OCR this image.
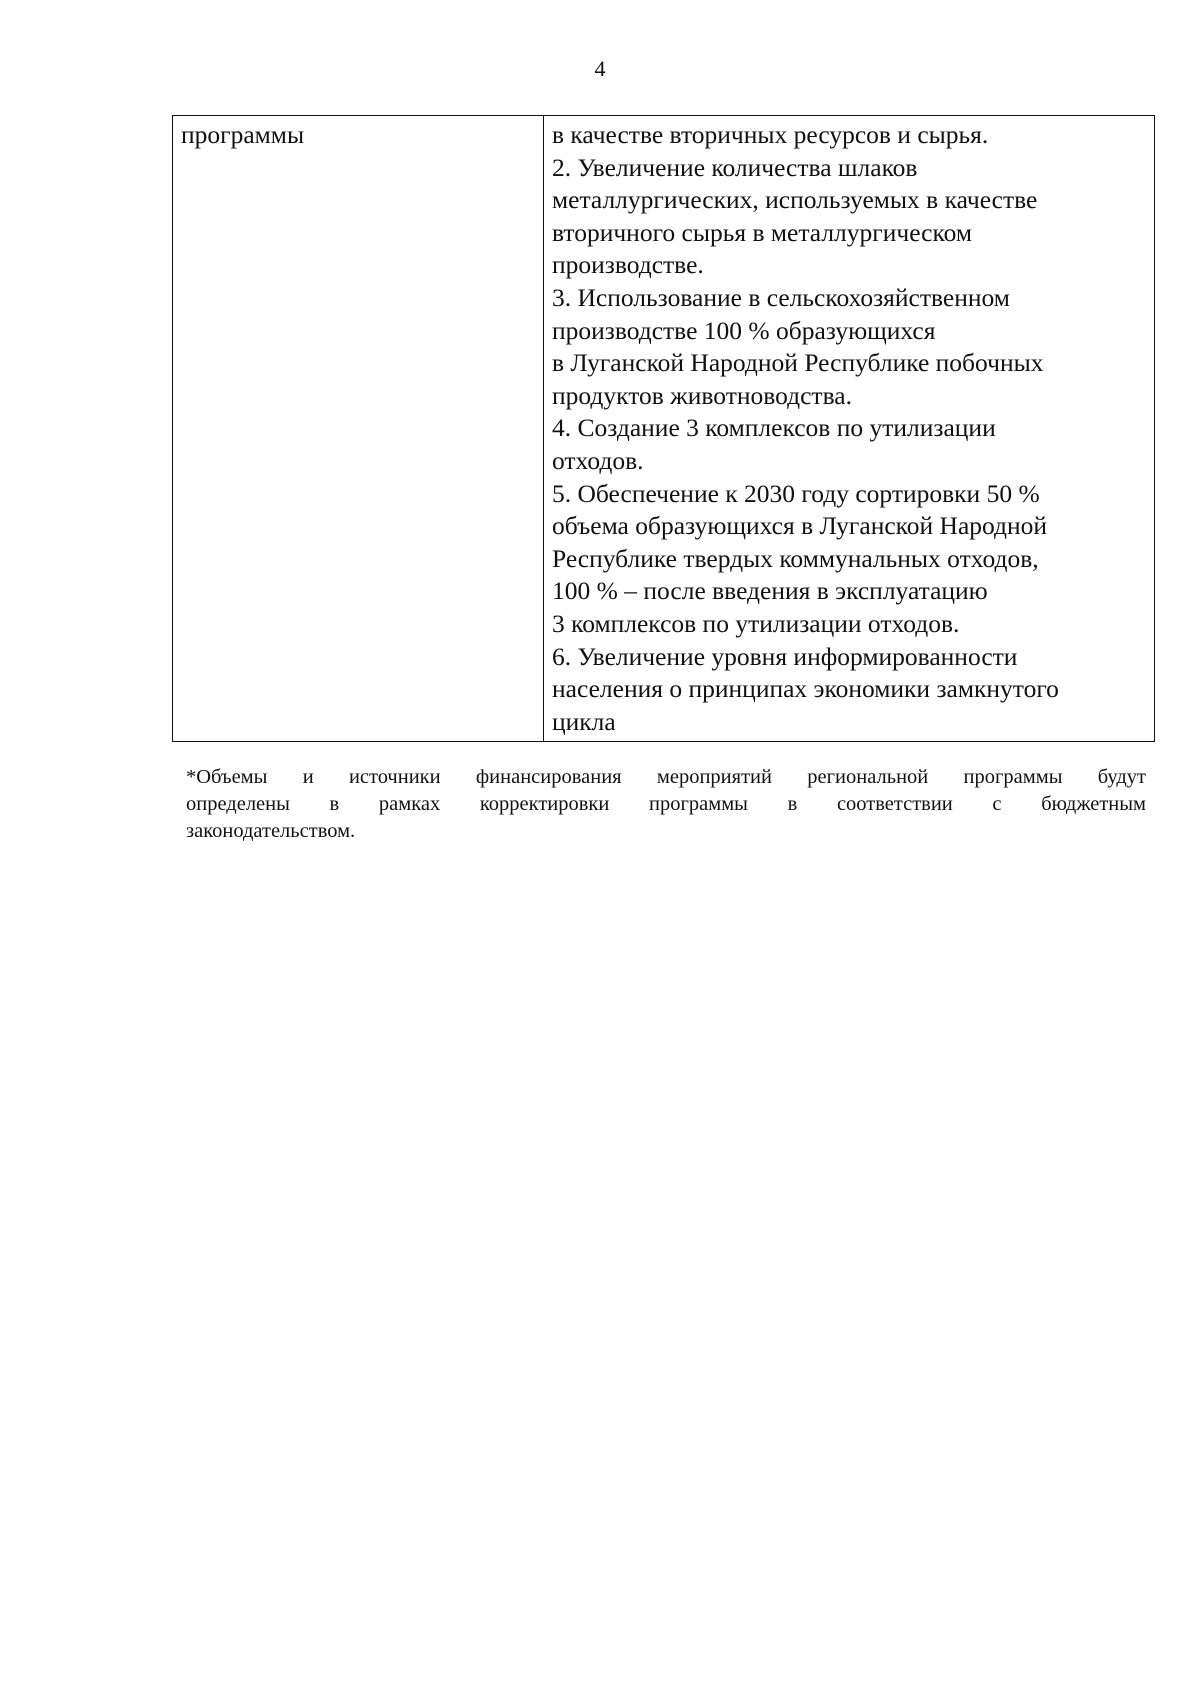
4
программы	в качестве вторичных ресурсов и сырья.
2. Увеличение количества шлаков
металлургических, используемых в качестве
вторичного сырья в металлургическом
производстве.
3. Использование в сельскохозяйственном
производстве 100 % образующихся
в Луганской Народной Республике побочных
продуктов животноводства.
4. Создание 3 комплексов по утилизации
отходов.
5. Обеспечение к 2030 году сортировки 50 %
объема образующихся в Луганской Народной
Республике твердых коммунальных отходов,
100 % – после введения в эксплуатацию
3 комплексов по утилизации отходов.
6. Увеличение уровня информированности
населения о принципах экономики замкнутого
цикла
*Объемы и источники финансирования мероприятий региональной программы будут
определены в рамках корректировки программы в соответствии с бюджетным
законодательством.
